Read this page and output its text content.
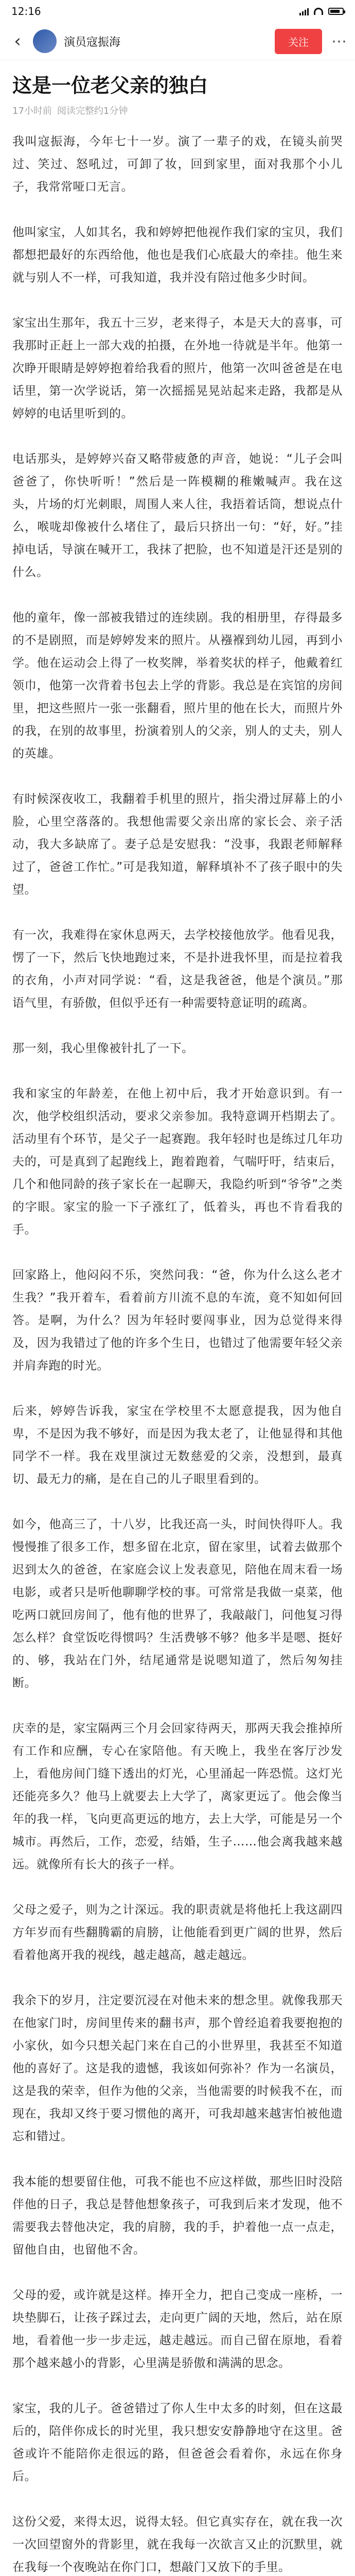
12:16
‹	演员寇振海	关注	⋯
这是一位老父亲的独白
17小时前 阅读完整约1分钟

我叫寇振海，今年七十一岁。演了一辈子的戏，在镜头前哭过、笑过、怒吼过，可卸了妆，回到家里，面对我那个小儿子，我常常哑口无言。

他叫家宝，人如其名，我和婷婷把他视作我们家的宝贝，我们都想把最好的东西给他，他也是我们心底最大的牵挂。他生来就与别人不一样，可我知道，我并没有陪过他多少时间。

家宝出生那年，我五十三岁，老来得子，本是天大的喜事，可我那时正赶上一部大戏的拍摄，在外地一待就是半年。他第一次睁开眼睛是婷婷抱着给我看的照片，他第一次叫爸爸是在电话里，第一次学说话，第一次摇摇晃晃站起来走路，我都是从婷婷的电话里听到的。

电话那头，是婷婷兴奋又略带疲惫的声音，她说：“儿子会叫爸爸了，你快听听！”然后是一阵模糊的稚嫩喊声。我在这头，片场的灯光刺眼，周围人来人往，我捂着话筒，想说点什么，喉咙却像被什么堵住了，最后只挤出一句：“好，好。”挂掉电话，导演在喊开工，我抹了把脸，也不知道是汗还是别的什么。

他的童年，像一部被我错过的连续剧。我的相册里，存得最多的不是剧照，而是婷婷发来的照片。从襁褓到幼儿园，再到小学。他在运动会上得了一枚奖牌，举着奖状的样子，他戴着红领巾，他第一次背着书包去上学的背影。我总是在宾馆的房间里，把这些照片一张一张翻看，照片里的他在长大，而照片外的我，在别的故事里，扮演着别人的父亲，别人的丈夫，别人的英雄。

有时候深夜收工，我翻着手机里的照片，指尖滑过屏幕上的小脸，心里空落落的。我想他需要父亲出席的家长会、亲子活动，我大多缺席了。妻子总是安慰我：“没事，我跟老师解释过了，爸爸工作忙。”可是我知道，解释填补不了孩子眼中的失望。

有一次，我难得在家休息两天，去学校接他放学。他看见我，愣了一下，然后飞快地跑过来，不是扑进我怀里，而是拉着我的衣角，小声对同学说：“看，这是我爸爸，他是个演员。”那语气里，有骄傲，但似乎还有一种需要特意证明的疏离。

那一刻，我心里像被针扎了一下。

我和家宝的年龄差，在他上初中后，我才开始意识到。有一次，他学校组织活动，要求父亲参加。我特意调开档期去了。活动里有个环节，是父子一起赛跑。我年轻时也是练过几年功夫的，可是真到了起跑线上，跑着跑着，气喘吁吁，结束后，几个和他同龄的孩子家长在一起聊天，我隐约听到“爷爷”之类的字眼。家宝的脸一下子涨红了，低着头，再也不肯看我的手。

回家路上，他闷闷不乐，突然问我：“爸，你为什么这么老才生我？”我开着车，看着前方川流不息的车流，竟不知如何回答。是啊，为什么？因为年轻时要闯事业，因为总觉得来得及，因为我错过了他的许多个生日，也错过了他需要年轻父亲并肩奔跑的时光。

后来，婷婷告诉我，家宝在学校里不太愿意提我，因为他自卑，不是因为我不够好，而是因为我太老了，让他显得和其他同学不一样。我在戏里演过无数慈爱的父亲，没想到，最真切、最无力的痛，是在自己的儿子眼里看到的。

如今，他高三了，十八岁，比我还高一头，时间快得吓人。我慢慢推了很多工作，想多留在北京，留在家里，试着去做那个迟到太久的爸爸，在家庭会议上发表意见，陪他在周末看一场电影，或者只是听他聊聊学校的事。可常常是我做一桌菜，他吃两口就回房间了，他有他的世界了，我敲敲门，问他复习得怎么样？食堂饭吃得惯吗？生活费够不够？他多半是嗯、挺好的、够，我站在门外，结尾通常是说嗯知道了，然后匆匆挂断。

庆幸的是，家宝隔两三个月会回家待两天，那两天我会推掉所有工作和应酬，专心在家陪他。有天晚上，我坐在客厅沙发上，看他房间门缝下透出的灯光，心里涌起一阵恐慌。这灯光还能亮多久？他马上就要去上大学了，离家更远了。他会像当年的我一样，飞向更高更远的地方，去上大学，可能是另一个城市。再然后，工作，恋爱，结婚，生子……他会离我越来越远。就像所有长大的孩子一样。

父母之爱子，则为之计深远。我的职责就是将他托上我这副四方年岁而有些翻腾霸的肩膀，让他能看到更广阔的世界，然后看着他离开我的视线，越走越高，越走越远。

我余下的岁月，注定要沉浸在对他未来的想念里。就像我那天在他家门时，房间里传来的翻书声，那个曾经追着我要抱抱的小家伙，如今只想关起门来在自己的小世界里，我甚至不知道他的喜好了。这是我的遗憾，我该如何弥补？作为一名演员，这是我的荣幸，但作为他的父亲，当他需要的时候我不在，而现在，我却又终于要习惯他的离开，可我却越来越害怕被他遗忘和错过。

我本能的想要留住他，可我不能也不应这样做，那些旧时没陪伴他的日子，我总是替他想象孩子，可我到后来才发现，他不需要我去替他决定，我的肩膀，我的手，护着他一点一点走，留他自由，也留他不舍。

父母的爱，或许就是这样。捧开全力，把自己变成一座桥，一块垫脚石，让孩子踩过去，走向更广阔的天地，然后，站在原地，看着他一步一步走远，越走越远。而自己留在原地，看着那个越来越小的背影，心里满是骄傲和满满的思念。

家宝，我的儿子。爸爸错过了你人生中太多的时刻，但在这最后的，陪伴你成长的时光里，我只想安安静静地守在这里。爸爸或许不能陪你走很远的路，但爸爸会看着你，永远在你身后。

这份父爱，来得太迟，说得太轻。但它真实存在，就在我一次一次回望窗外的背影里，就在我每一次欲言又止的沉默里，就在我每一个夜晚站在你门口，想敲门又放下的手里。
